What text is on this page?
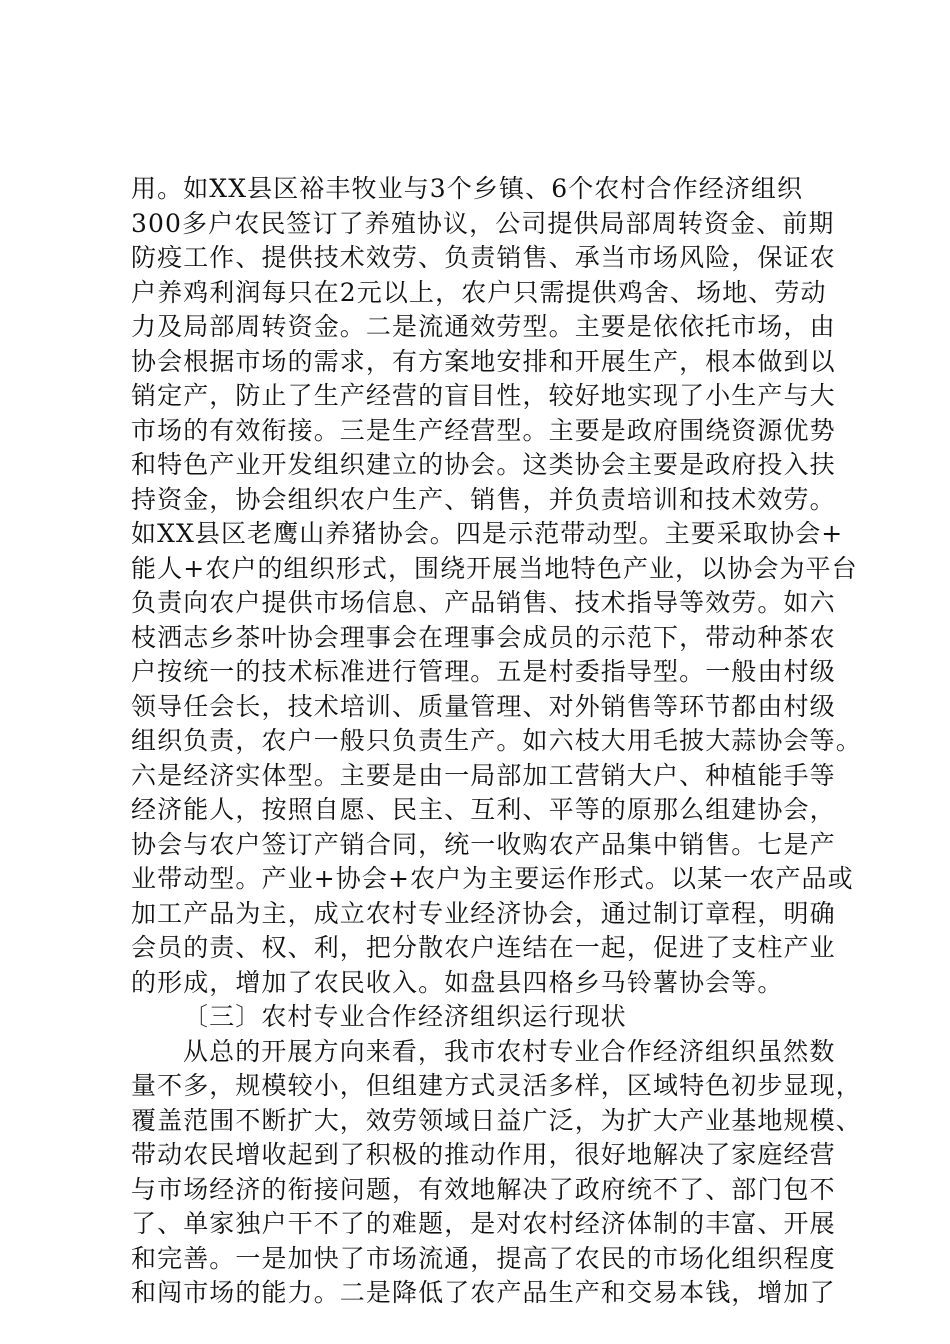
用。如XX县区裕丰牧业与3个乡镇、6个农村合作经济组织
300多户农民签订了养殖协议，公司提供局部周转资金、前期
防疫工作、提供技术效劳、负责销售、承当市场风险，保证农
户养鸡利润每只在2元以上，农户只需提供鸡舍、场地、劳动
力及局部周转资金。二是流通效劳型。主要是依依托市场，由
协会根据市场的需求，有方案地安排和开展生产，根本做到以
销定产，防止了生产经营的盲目性，较好地实现了小生产与大
市场的有效衔接。三是生产经营型。主要是政府围绕资源优势
和特色产业开发组织建立的协会。这类协会主要是政府投入扶
持资金，协会组织农户生产、销售，并负责培训和技术效劳。
如XX县区老鹰山养猪协会。四是示范带动型。主要采取协会+
能人+农户的组织形式，围绕开展当地特色产业，以协会为平台
负责向农户提供市场信息、产品销售、技术指导等效劳。如六
枝洒志乡茶叶协会理事会在理事会成员的示范下，带动种茶农
户按统一的技术标准进行管理。五是村委指导型。一般由村级
领导任会长，技术培训、质量管理、对外销售等环节都由村级
组织负责，农户一般只负责生产。如六枝大用毛披大蒜协会等。
六是经济实体型。主要是由一局部加工营销大户、种植能手等
经济能人，按照自愿、民主、互利、平等的原那么组建协会，
协会与农户签订产销合同，统一收购农产品集中销售。七是产
业带动型。产业+协会+农户为主要运作形式。以某一农产品或
加工产品为主，成立农村专业经济协会，通过制订章程，明确
会员的责、权、利，把分散农户连结在一起，促进了支柱产业
的形成，增加了农民收入。如盘县四格乡马铃薯协会等。
〔三〕农村专业合作经济组织运行现状
从总的开展方向来看，我市农村专业合作经济组织虽然数
量不多，规模较小，但组建方式灵活多样，区域特色初步显现，
覆盖范围不断扩大，效劳领域日益广泛，为扩大产业基地规模、
带动农民增收起到了积极的推动作用，很好地解决了家庭经营
与市场经济的衔接问题，有效地解决了政府统不了、部门包不
了、单家独户干不了的难题，是对农村经济体制的丰富、开展
和完善。一是加快了市场流通，提高了农民的市场化组织程度
和闯市场的能力。二是降低了农产品生产和交易本钱，增加了
